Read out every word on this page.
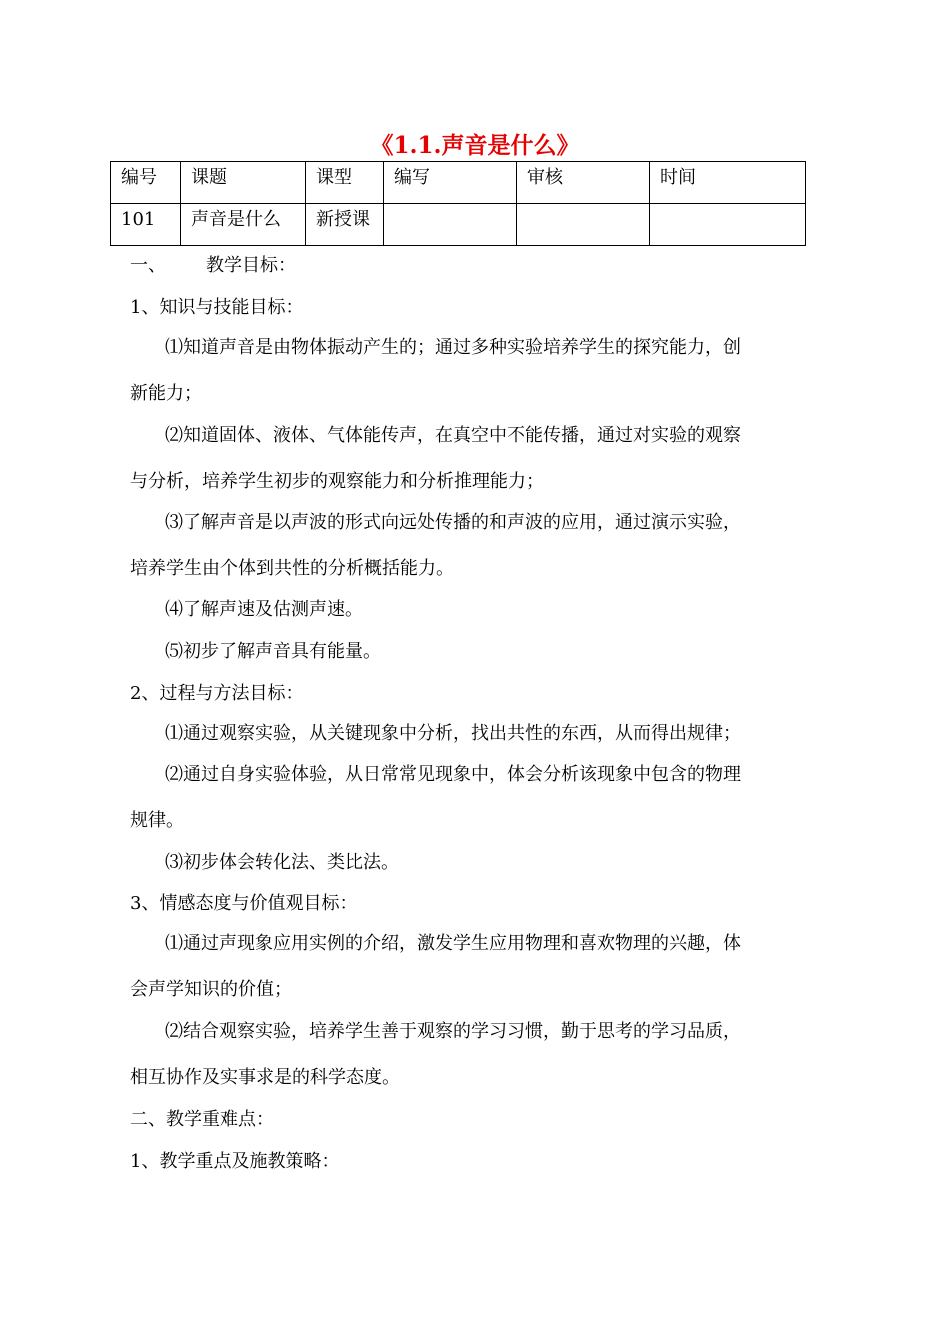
《1.1.声音是什么》
编号	课题	课型	编写	审核	时间
101	声音是什么	新授课			

一、 教学目标：

1、知识与技能目标：

⑴知道声音是由物体振动产生的；通过多种实验培养学生的探究能力，创

新能力；

⑵知道固体、液体、气体能传声，在真空中不能传播，通过对实验的观察

与分析，培养学生初步的观察能力和分析推理能力；

⑶了解声音是以声波的形式向远处传播的和声波的应用，通过演示实验，

培养学生由个体到共性的分析概括能力。

⑷了解声速及估测声速。

⑸初步了解声音具有能量。

2、过程与方法目标：

⑴通过观察实验，从关键现象中分析，找出共性的东西，从而得出规律；

⑵通过自身实验体验，从日常常见现象中，体会分析该现象中包含的物理

规律。

⑶初步体会转化法、类比法。

3、情感态度与价值观目标：

⑴通过声现象应用实例的介绍，激发学生应用物理和喜欢物理的兴趣，体

会声学知识的价值；

⑵结合观察实验，培养学生善于观察的学习习惯，勤于思考的学习品质，

相互协作及实事求是的科学态度。

二、教学重难点：

1、教学重点及施教策略：
